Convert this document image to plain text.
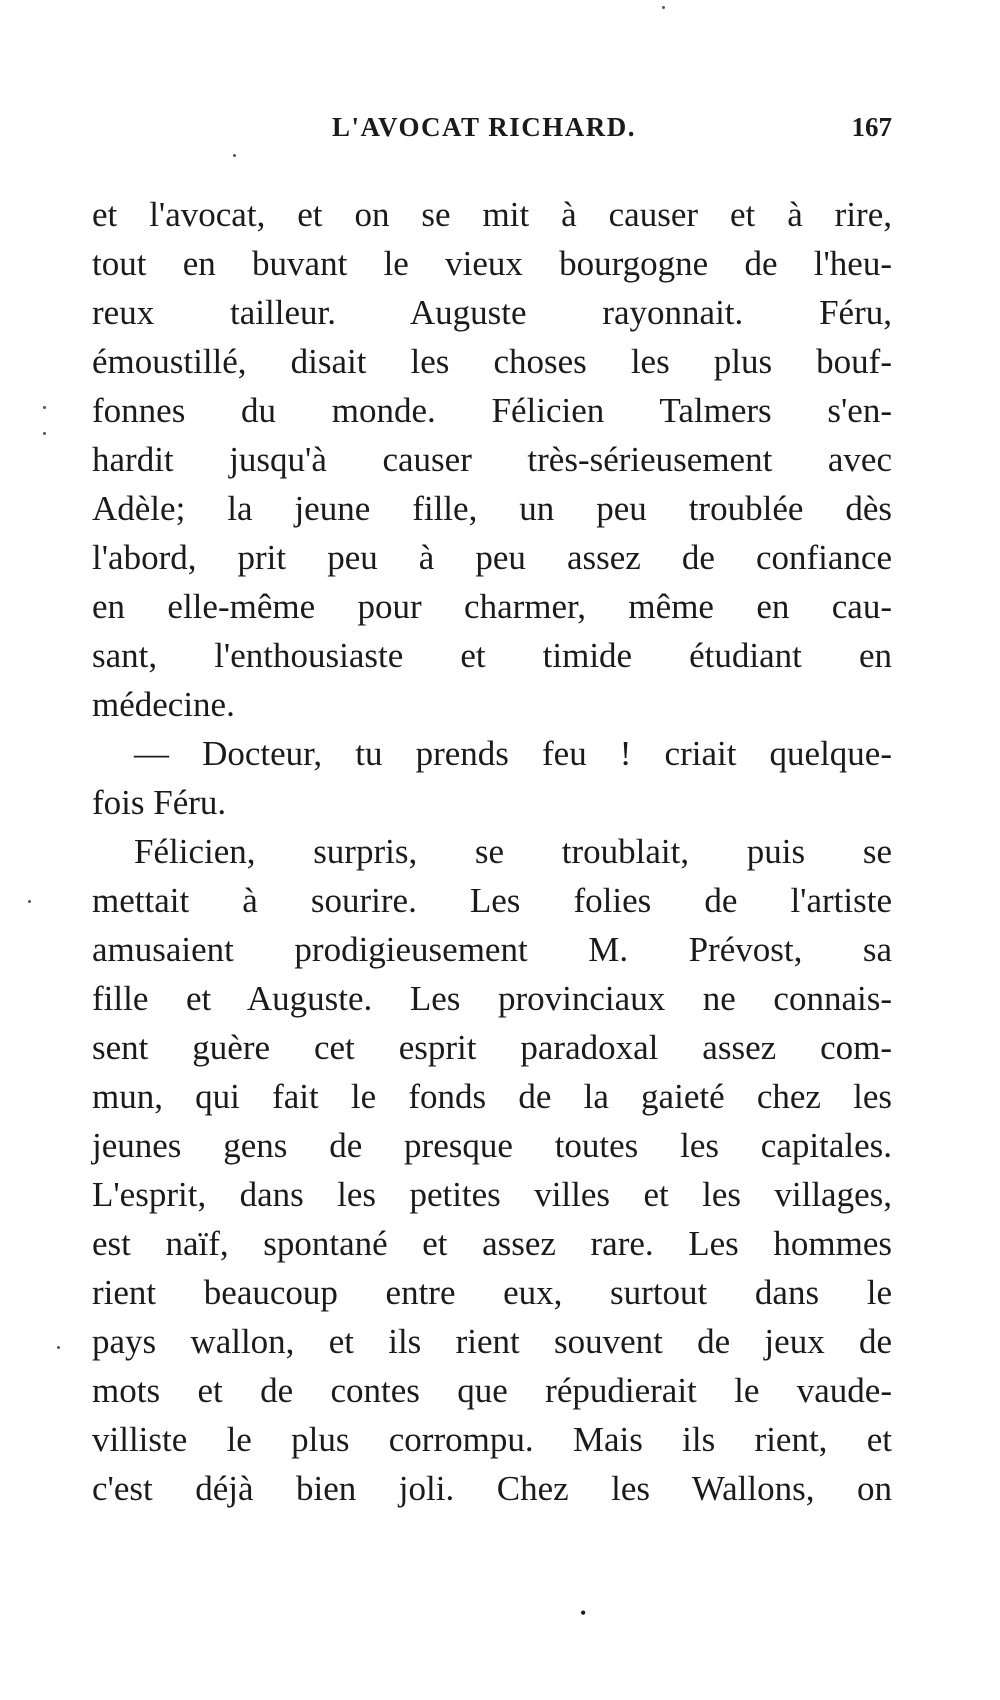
L'AVOCAT RICHARD.	167
et l'avocat, et on se mit à causer et à rire,
tout en buvant le vieux bourgogne de l'heu-
reux tailleur. Auguste rayonnait. Féru,
émoustillé, disait les choses les plus bouf-
fonnes du monde. Félicien Talmers s'en-
hardit jusqu'à causer très-sérieusement avec
Adèle; la jeune fille, un peu troublée dès
l'abord, prit peu à peu assez de confiance
en elle-même pour charmer, même en cau-
sant, l'enthousiaste et timide étudiant en
médecine.
— Docteur, tu prends feu ! criait quelque-
fois Féru.
Félicien, surpris, se troublait, puis se
mettait à sourire. Les folies de l'artiste
amusaient prodigieusement M. Prévost, sa
fille et Auguste. Les provinciaux ne connais-
sent guère cet esprit paradoxal assez com-
mun, qui fait le fonds de la gaieté chez les
jeunes gens de presque toutes les capitales.
L'esprit, dans les petites villes et les villages,
est naïf, spontané et assez rare. Les hommes
rient beaucoup entre eux, surtout dans le
pays wallon, et ils rient souvent de jeux de
mots et de contes que répudierait le vaude-
villiste le plus corrompu. Mais ils rient, et
c'est déjà bien joli. Chez les Wallons, on
•
